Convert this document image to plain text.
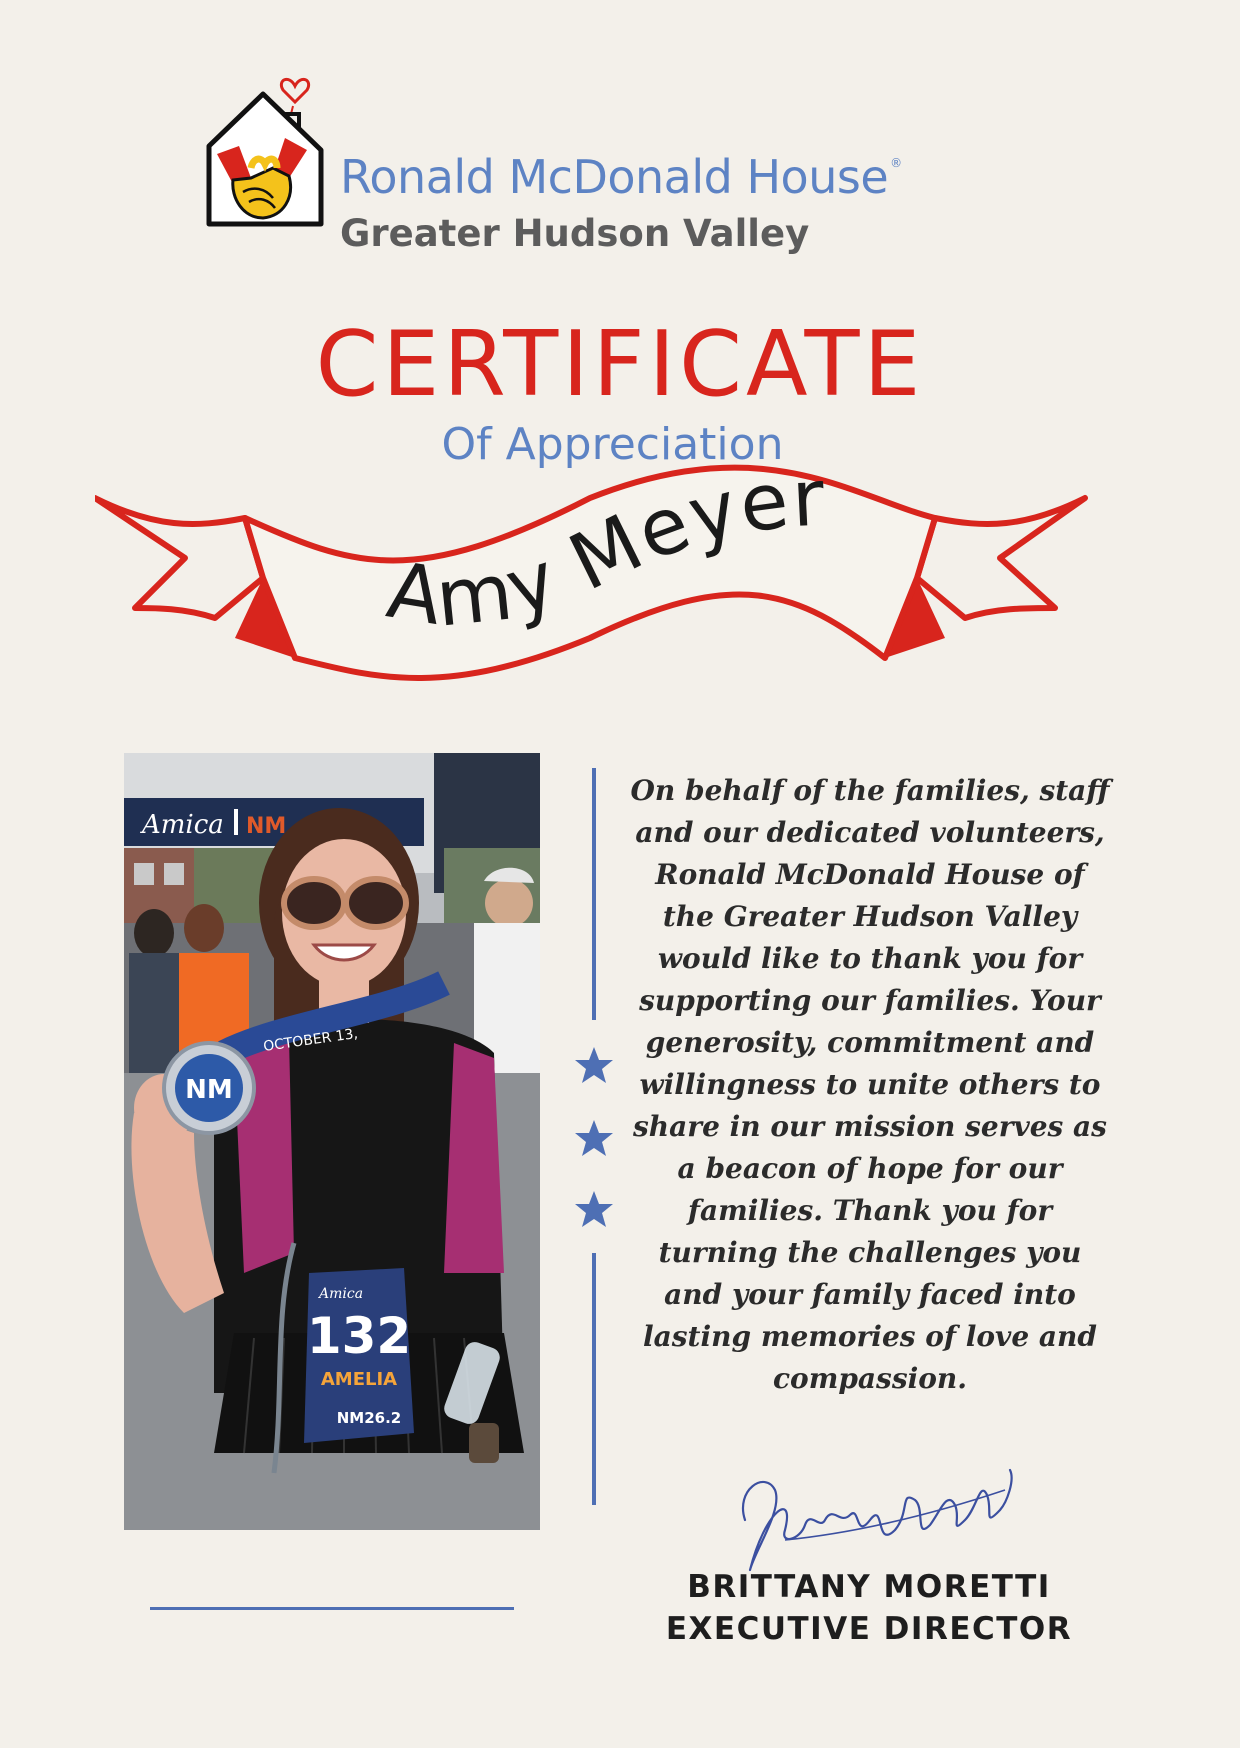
Ronald McDonald House ®
Greater Hudson Valley
CERTIFICATE
Of Appreciation
Amy Meyer
Amica NM
OCTOBER 13,
NM
Amica
132
AMELIA
NM26.2

On behalf of the families, staff and our dedicated volunteers, Ronald McDonald House of the Greater Hudson Valley would like to thank you for supporting our families. Your generosity, commitment and willingness to unite others to share in our mission serves as a beacon of hope for our families. Thank you for turning the challenges you and your family faced into lasting memories of love and compassion.

BRITTANY MORETTI
EXECUTIVE DIRECTOR
